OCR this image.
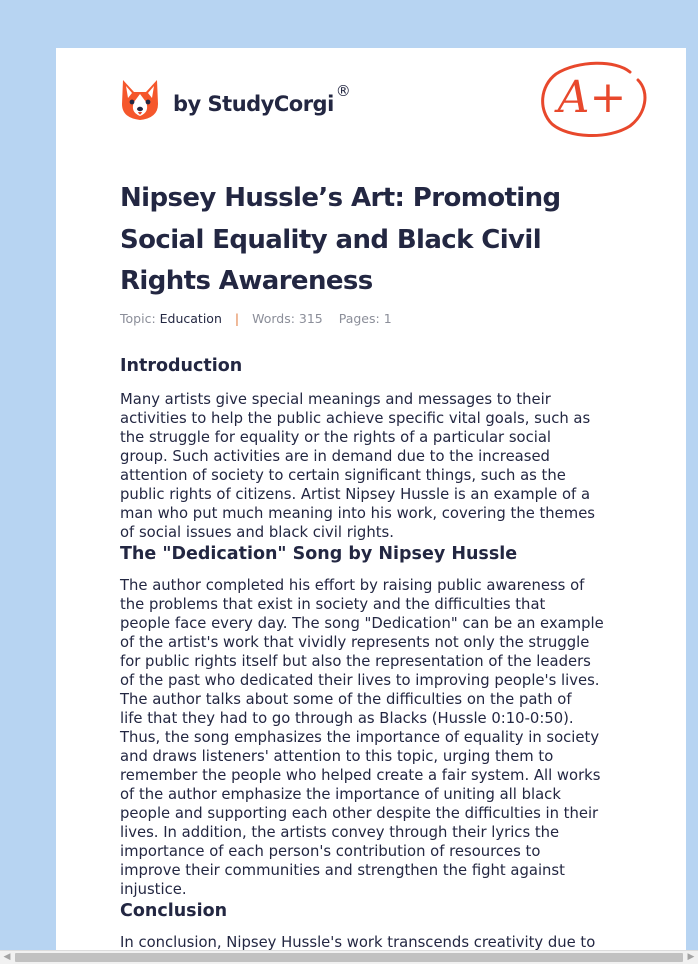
by StudyCorgi®	A+
Nipsey Hussle’s Art: Promoting
Social Equality and Black Civil
Rights Awareness
Topic: Education | Words: 315 Pages: 1
Introduction
Many artists give special meanings and messages to their
activities to help the public achieve specific vital goals, such as
the struggle for equality or the rights of a particular social
group. Such activities are in demand due to the increased
attention of society to certain significant things, such as the
public rights of citizens. Artist Nipsey Hussle is an example of a
man who put much meaning into his work, covering the themes
of social issues and black civil rights.
The "Dedication" Song by Nipsey Hussle
The author completed his effort by raising public awareness of
the problems that exist in society and the difficulties that
people face every day. The song "Dedication" can be an example
of the artist's work that vividly represents not only the struggle
for public rights itself but also the representation of the leaders
of the past who dedicated their lives to improving people's lives.
The author talks about some of the difficulties on the path of
life that they had to go through as Blacks (Hussle 0:10-0:50).
Thus, the song emphasizes the importance of equality in society
and draws listeners' attention to this topic, urging them to
remember the people who helped create a fair system. All works
of the author emphasize the importance of uniting all black
people and supporting each other despite the difficulties in their
lives. In addition, the artists convey through their lyrics the
importance of each person's contribution of resources to
improve their communities and strengthen the fight against
injustice.
Conclusion
In conclusion, Nipsey Hussle's work transcends creativity due to
◀	▶
